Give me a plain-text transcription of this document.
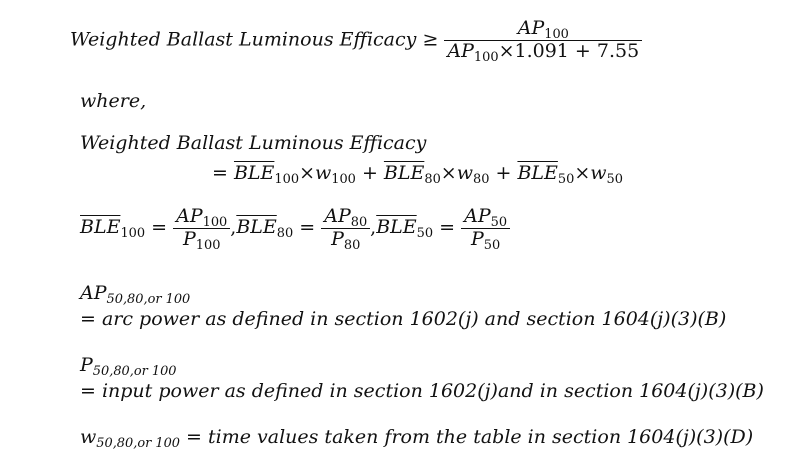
Weighted Ballast Luminous Efficacy ≥ $\frac{AP_{100}}{AP_{100}\times 1.091 + 7.55}$
where,
Weighted Ballast Luminous Efficacy
= $\overline{BLE}_{100}\times w_{100} + \overline{BLE}_{80}\times w_{80} + \overline{BLE}_{50}\times w_{50}$
$\overline{BLE}_{100} = \frac{AP_{100}}{P_{100}} ,\overline{BLE}_{80} = \frac{AP_{80}}{P_{80}} ,\overline{BLE}_{50} = \frac{AP_{50}}{P_{50}}$
$AP_{50,80,or 100}$
= arc power as defined in section 1602(j) and section 1604(j)(3)(B)
$P_{50,80,or 100}$
= input power as defined in section 1602(j)and in section 1604(j)(3)(B)
$w_{50,80,or 100}$ = time values taken from the table in section 1604(j)(3)(D)
